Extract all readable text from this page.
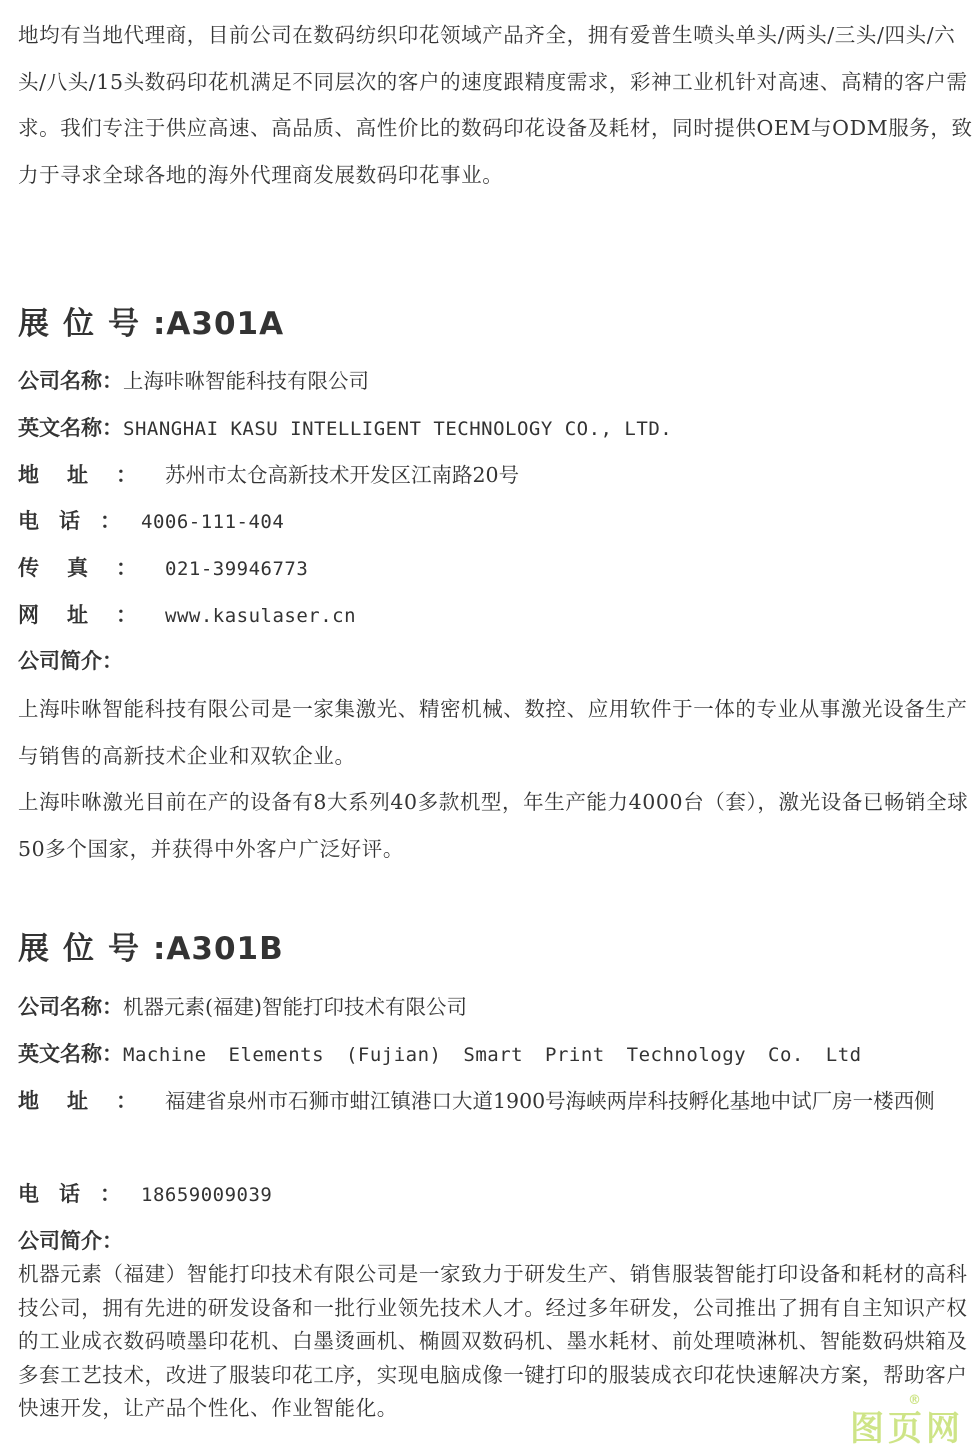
地均有当地代理商，目前公司在数码纺织印花领域产品齐全，拥有爱普生喷头单头/两头/三头/四头/六头/八头/15头数码印花机满足不同层次的客户的速度跟精度需求，彩神工业机针对高速、高精的客户需求。我们专注于供应高速、高品质、高性价比的数码印花设备及耗材，同时提供OEM与ODM服务，致力于寻求全球各地的海外代理商发展数码印花事业。

展位号:A301A

公司名称：上海咔咻智能科技有限公司

英文名称：SHANGHAI KASU INTELLIGENT TECHNOLOGY CO., LTD.

地址：苏州市太仓高新技术开发区江南路20号

电话：4006-111-404

传真：021-39946773

网址：www.kasulaser.cn

公司简介：

上海咔咻智能科技有限公司是一家集激光、精密机械、数控、应用软件于一体的专业从事激光设备生产与销售的高新技术企业和双软企业。

上海咔咻激光目前在产的设备有8大系列40多款机型，年生产能力4000台（套），激光设备已畅销全球50多个国家，并获得中外客户广泛好评。

展位号:A301B

公司名称：机器元素(福建)智能打印技术有限公司

英文名称：Machine Elements (Fujian) Smart Print Technology Co. Ltd

地址：福建省泉州市石狮市蚶江镇港口大道1900号海峡两岸科技孵化基地中试厂房一楼西侧

电话：18659009039

公司简介：

机器元素（福建）智能打印技术有限公司是一家致力于研发生产、销售服装智能打印设备和耗材的高科技公司，拥有先进的研发设备和一批行业领先技术人才。经过多年研发，公司推出了拥有自主知识产权的工业成衣数码喷墨印花机、白墨烫画机、椭圆双数码机、墨水耗材、前处理喷淋机、智能数码烘箱及多套工艺技术，改进了服装印花工序，实现电脑成像一键打印的服装成衣印花快速解决方案，帮助客户快速开发，让产品个性化、作业智能化。

图页网
®
